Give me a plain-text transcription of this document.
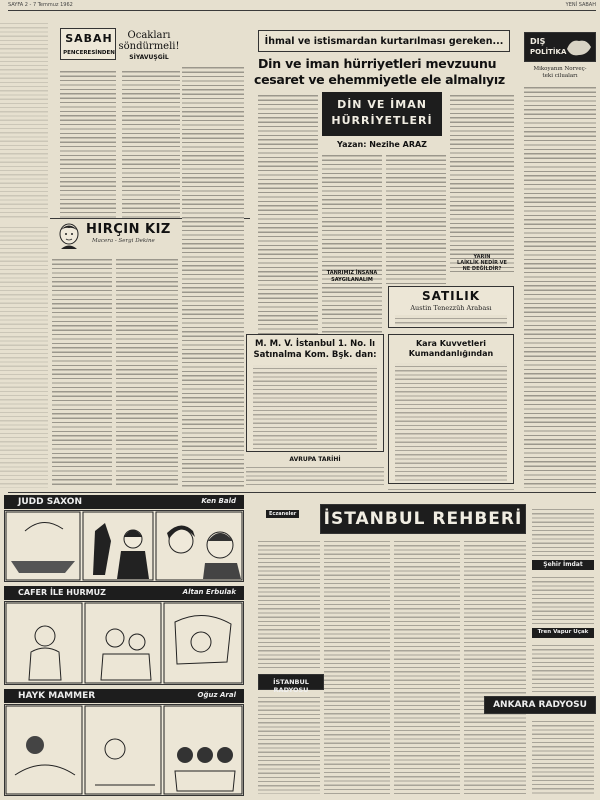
SAYFA 2 - 7 Temmuz 1962	YENİ SABAH
SABAH
PENCERESİNDEN
Ocakları
söndürmeli!
SİYAVUŞGİL
HIRÇIN KIZ
Macera - Sergi Dekine
İhmal ve istismardan kurtarılması gereken...
Din ve iman hürriyetleri mevzuunu
cesaret ve ehemmiyetle ele almalıyız
DİN VE İMAN
HÜRRİYETLERİ
Yazan: Nezihe ARAZ
TANRIMIZ İNSANA
SAYGILANALIM
YARIN
LAİKLİK NEDİR VE
NE DEĞİLDİR?
DIŞ
POLİTİKA
Mikoyanın Norveç-
teki ciluaları
SATILIK
Austin Tenezzüh Arabası
Kara Kuvvetleri
Kumandanlığından
M. M. V. İstanbul 1. No. lı
Satınalma Kom. Bşk. dan:
AVRUPA TARİHİ
JUDD SAXON	Ken Bald
CAFER İLE HURMUZ	Altan Erbulak
HAYK MAMMER	Oğuz Aral
Eczaneler İSTANBUL REHBERİ
İSTANBUL RADYOSU
Şehir İmdat
Tren Vapur Uçak
ANKARA RADYOSU
